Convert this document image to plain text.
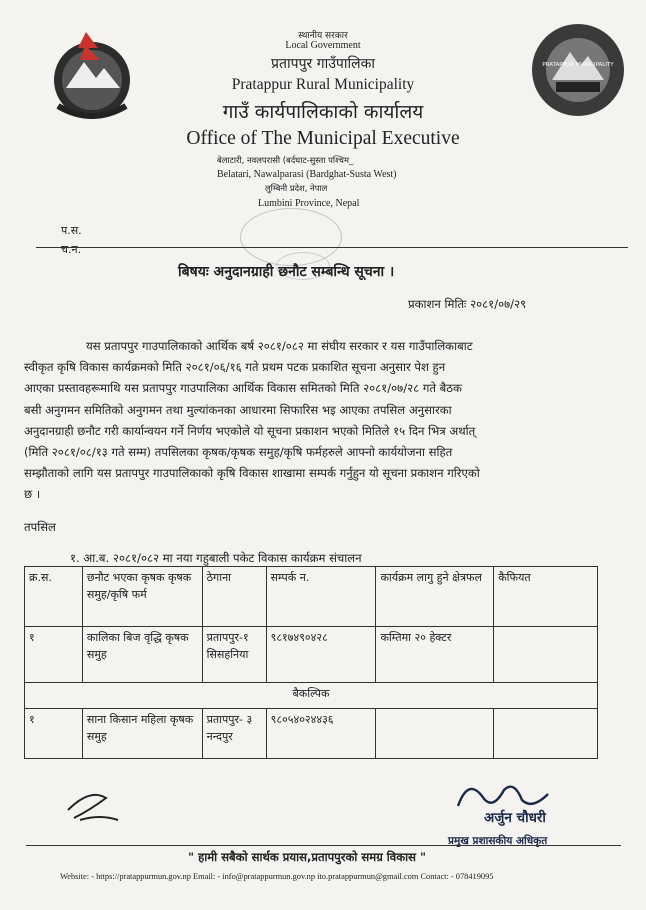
PRATAPPUR MUNICIPALITY
स्थानीय सरकार
Local Government
प्रतापपुर गाउँपालिका
Pratappur Rural Municipality
गाउँ कार्यपालिकाको कार्यालय
Office of The Municipal Executive
बेलाटारी, नवलपरासी (बर्दघाट-सुस्ता पश्चिम_
Belatari, Nawalparasi (Bardghat-Susta West)
लुम्बिनी प्रदेश, नेपाल
Lumbini Province, Nepal
प.स.
च.न.
बिषयः अनुदानग्राही छनौट सम्बन्धि सूचना ।
प्रकाशन मितिः २०८१/०७/२९
यस प्रतापपुर गाउपालिकाको आर्थिक बर्ष २०८१/०८२ मा संघीय सरकार र यस गाउँपालिकाबाट
स्वीकृत कृषि विकास कार्यक्रमको मिति २०८१/०६/१६ गते प्रथम पटक प्रकाशित सूचना अनुसार पेश हुन
आएका प्रस्तावहरूमाथि यस प्रतापपुर गाउपालिका आर्थिक विकास समितको मिति २०८१/०७/२८ गते बैठक
बसी अनुगमन समितिको अनुगमन तथा मुल्यांकनका आधारमा सिफारिस भइ आएका तपसिल अनुसारका
अनुदानग्राही छनौट गरी कार्यान्वयन गर्ने निर्णय भएकोले यो सूचना प्रकाशन भएको मितिले १५ दिन भित्र अर्थात्
(मिति २०८१/०८/१३ गते सम्म) तपसिलका कृषक/कृषक समुह/कृषि फर्महरुले आफ्नो कार्ययोजना सहित
सम्झौताको लागि यस प्रतापपुर गाउपालिकाको कृषि विकास शाखामा सम्पर्क गर्नुहुन यो सूचना प्रकाशन गरिएको
छ ।
तपसिल
१. आ.ब. २०८१/०८२ मा नया गहुबाली पकेट विकास कार्यक्रम संचालन
क्र.स.	छनौट भएका कृषक कृषक समुह/कृषि फर्म	ठेगाना	सम्पर्क न.	कार्यक्रम लागु हुने क्षेत्रफल	कैफियत
१	कालिका बिज वृद्धि कृषक समुह	प्रतापपुर-१ सिसहनिया	९८१७४९०४२८	कम्तिमा २० हेक्टर	
बैकल्पिक					
१	साना किसान महिला कृषक समुह	प्रतापपुर- ३ नन्दपुर	९८०५४०२४४३६		
अर्जुन चौधरी
प्रमुख प्रशासकीय अधिकृत
" हामी सबैको सार्थक प्रयास,प्रतापपुरको समग्र विकास "
Website: - https://pratappurmun.gov.np Email: - info@pratappurmun.gov.np ito.pratappurmun@gmail.com Contact: - 078419095
